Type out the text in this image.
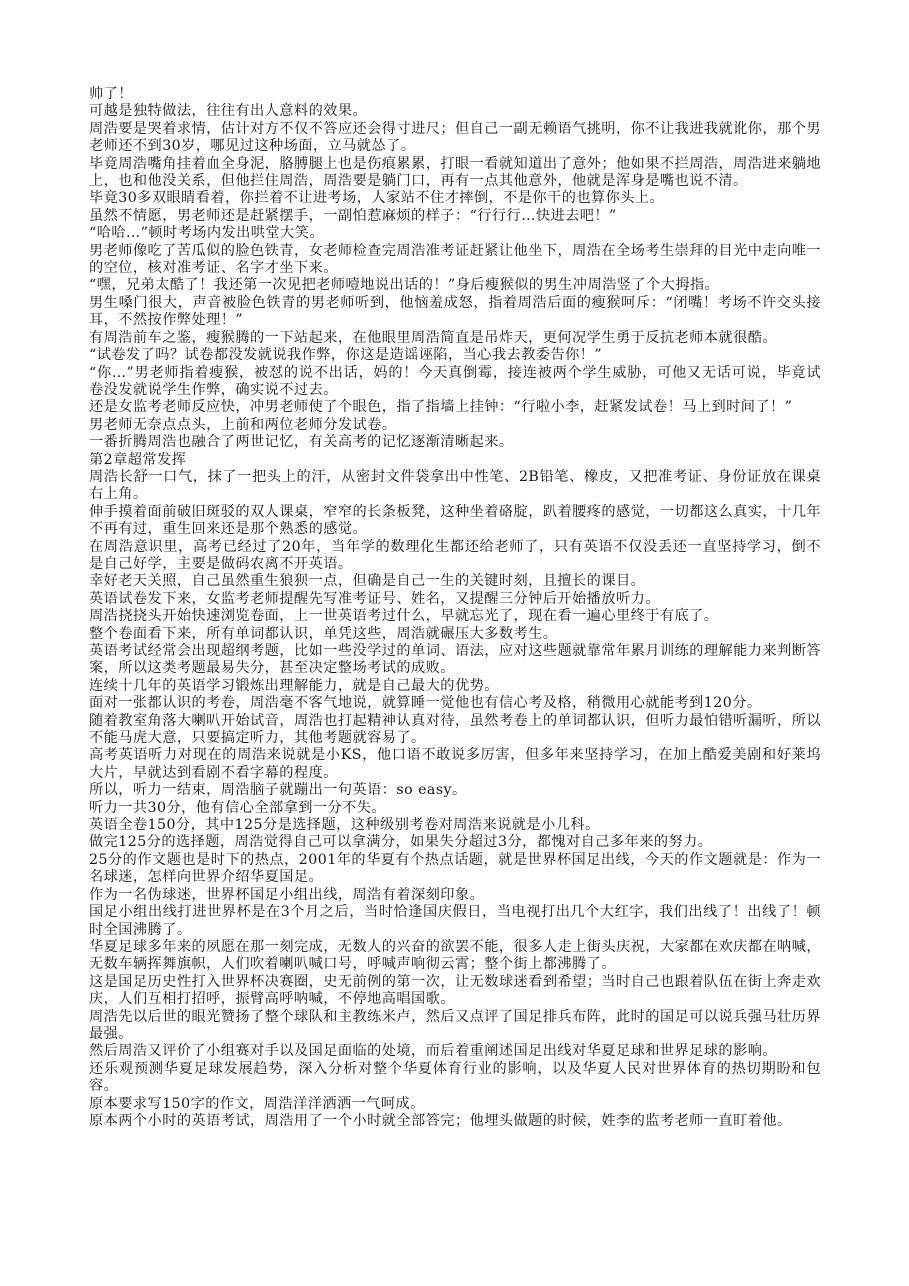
帅了！

可越是独特做法，往往有出人意料的效果。

周浩要是哭着求情，估计对方不仅不答应还会得寸进尺；但自己一副无赖语气挑明，你不让我进我就讹你，那个男老师还不到30岁，哪见过这种场面，立马就怂了。

毕竟周浩嘴角挂着血全身泥，胳膊腿上也是伤痕累累，打眼一看就知道出了意外；他如果不拦周浩，周浩进来躺地上，也和他没关系，但他拦住周浩，周浩要是躺门口，再有一点其他意外，他就是浑身是嘴也说不清。

毕竟30多双眼睛看着，你拦着不让进考场，人家站不住才摔倒，不是你干的也算你头上。

虽然不情愿，男老师还是赶紧摆手，一副怕惹麻烦的样子：“行行行…快进去吧！”

“哈哈…”顿时考场内发出哄堂大笑。

男老师像吃了苦瓜似的脸色铁青，女老师检查完周浩准考证赶紧让他坐下，周浩在全场考生崇拜的目光中走向唯一的空位，核对准考证、名字才坐下来。

“嘿，兄弟太酷了！我还第一次见把老师噎地说出话的！”身后瘦猴似的男生冲周浩竖了个大拇指。

男生嗓门很大，声音被脸色铁青的男老师听到，他恼羞成怒，指着周浩后面的瘦猴呵斥：“闭嘴！考场不许交头接耳，不然按作弊处理！”

有周浩前车之鉴，瘦猴腾的一下站起来，在他眼里周浩简直是吊炸天，更何况学生勇于反抗老师本就很酷。

“试卷发了吗？试卷都没发就说我作弊，你这是造谣诬陷，当心我去教委告你！”

“你…”男老师指着瘦猴，被怼的说不出话，妈的！今天真倒霉，接连被两个学生威胁，可他又无话可说，毕竟试卷没发就说学生作弊，确实说不过去。

还是女监考老师反应快，冲男老师使了个眼色，指了指墙上挂钟：“行啦小李，赶紧发试卷！马上到时间了！”

男老师无奈点点头，上前和两位老师分发试卷。

一番折腾周浩也融合了两世记忆，有关高考的记忆逐渐清晰起来。

第2章超常发挥

周浩长舒一口气，抹了一把头上的汗，从密封文件袋拿出中性笔、2B铅笔、橡皮，又把准考证、身份证放在课桌右上角。

伸手摸着面前破旧斑驳的双人课桌，窄窄的长条板凳，这种坐着硌腚，趴着腰疼的感觉，一切都这么真实，十几年不再有过，重生回来还是那个熟悉的感觉。

在周浩意识里，高考已经过了20年，当年学的数理化生都还给老师了，只有英语不仅没丢还一直坚持学习，倒不是自己好学，主要是做码农离不开英语。

幸好老天关照，自己虽然重生狼狈一点，但确是自己一生的关键时刻，且擅长的课目。

英语试卷发下来，女监考老师提醒先写准考证号、姓名，又提醒三分钟后开始播放听力。

周浩挠挠头开始快速浏览卷面，上一世英语考过什么，早就忘光了，现在看一遍心里终于有底了。

整个卷面看下来，所有单词都认识，单凭这些，周浩就碾压大多数考生。

英语考试经常会出现超纲考题，比如一些没学过的单词、语法，应对这些题就靠常年累月训练的理解能力来判断答案，所以这类考题最易失分，甚至决定整场考试的成败。

连续十几年的英语学习锻炼出理解能力，就是自己最大的优势。

面对一张都认识的考卷，周浩毫不客气地说，就算睡一觉他也有信心考及格，稍微用心就能考到120分。

随着教室角落大喇叭开始试音，周浩也打起精神认真对待，虽然考卷上的单词都认识，但听力最怕错听漏听，所以不能马虎大意，只要搞定听力，其他考题就容易了。

高考英语听力对现在的周浩来说就是小KS，他口语不敢说多厉害，但多年来坚持学习，在加上酷爱美剧和好莱坞大片，早就达到看剧不看字幕的程度。

所以，听力一结束，周浩脑子就蹦出一句英语：so easy。

听力一共30分，他有信心全部拿到一分不失。

英语全卷150分，其中125分是选择题，这种级别考卷对周浩来说就是小儿科。

做完125分的选择题，周浩觉得自己可以拿满分，如果失分超过3分，都愧对自己多年来的努力。

25分的作文题也是时下的热点，2001年的华夏有个热点话题，就是世界杯国足出线，今天的作文题就是：作为一名球迷，怎样向世界介绍华夏国足。

作为一名伪球迷，世界杯国足小组出线，周浩有着深刻印象。

国足小组出线打进世界杯是在3个月之后，当时恰逢国庆假日，当电视打出几个大红字，我们出线了！出线了！顿时全国沸腾了。

华夏足球多年来的夙愿在那一刻完成，无数人的兴奋的欲罢不能，很多人走上街头庆祝，大家都在欢庆都在呐喊，无数车辆挥舞旗帜，人们吹着喇叭喊口号，呼喊声响彻云霄；整个街上都沸腾了。

这是国足历史性打入世界杯决赛圈，史无前例的第一次，让无数球迷看到希望；当时自己也跟着队伍在街上奔走欢庆，人们互相打招呼，振臂高呼呐喊，不停地高唱国歌。

周浩先以后世的眼光赞扬了整个球队和主教练米卢，然后又点评了国足排兵布阵，此时的国足可以说兵强马壮历界最强。

然后周浩又评价了小组赛对手以及国足面临的处境，而后着重阐述国足出线对华夏足球和世界足球的影响。

还乐观预测华夏足球发展趋势，深入分析对整个华夏体育行业的影响，以及华夏人民对世界体育的热切期盼和包容。

原本要求写150字的作文，周浩洋洋洒洒一气呵成。

原本两个小时的英语考试，周浩用了一个小时就全部答完；他埋头做题的时候，姓李的监考老师一直盯着他。
